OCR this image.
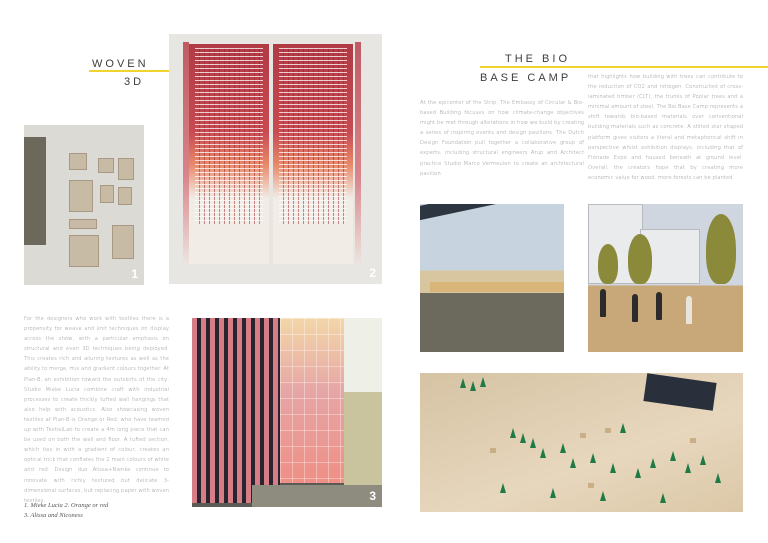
WOVEN
3D
1	2
For the designers who work with textiles there is a propensity for weave and knit techniques on display across the show, with a particular emphasis on structural and even 3D techniques being deployed. This creates rich and alluring textures as well as the ability to merge, mix and gradient colours together. At Plan-B, an exhibition toward the outskirts of the city, Studio Mieke Lucia combine craft with industrial processes to create thickly tufted wall hangings that also help with acoustics. Also showcasing woven textiles at Plan-B is Orange or Red, who have teamed up with TextielLab to create a 4m long piece that can be used on both the wall and floor. A tufted section, which ties in with a gradient of colour, creates an optical trick that conflates the 2 main colours of white and red. Design duo Alissa+Nienke continue to innovate with richly textured but delicate 3-dimensional surfaces, but replacing paper with woven textiles.
1. Mieke Lucia 2. Orange or red
3. Alissa and Niconess
3
THE BIO
BASE CAMP
At the epicenter of the Strip, The Embassy of Circular & Bio-based Building focuses on how climate-change objectives might be met through alterations in how we build by creating a series of inspiring events and design pavilions. The Dutch Design Foundation pull together a collaborative group of experts, including structural engineers Arup and Architect practice Studio Marco Vermeulen to create an architectural pavilion
that highlights how building with trees can contribute to the reduction of CO2 and nitrogen. Constructed of cross-laminated timber (CLT), the trunks of Poplar trees and a minimal amount of steel, The Bio Base Camp represents a shift towards bio-based materials over conventional building materials such as concrete. A stilted star shaped platform gives visitors a literal and metaphorical shift in perspective whilst exhibition displays, including that of Floriade Expo and housed beneath at ground level. Overall, the creators hope that by creating more economic value for wood, more forests can be planted.
